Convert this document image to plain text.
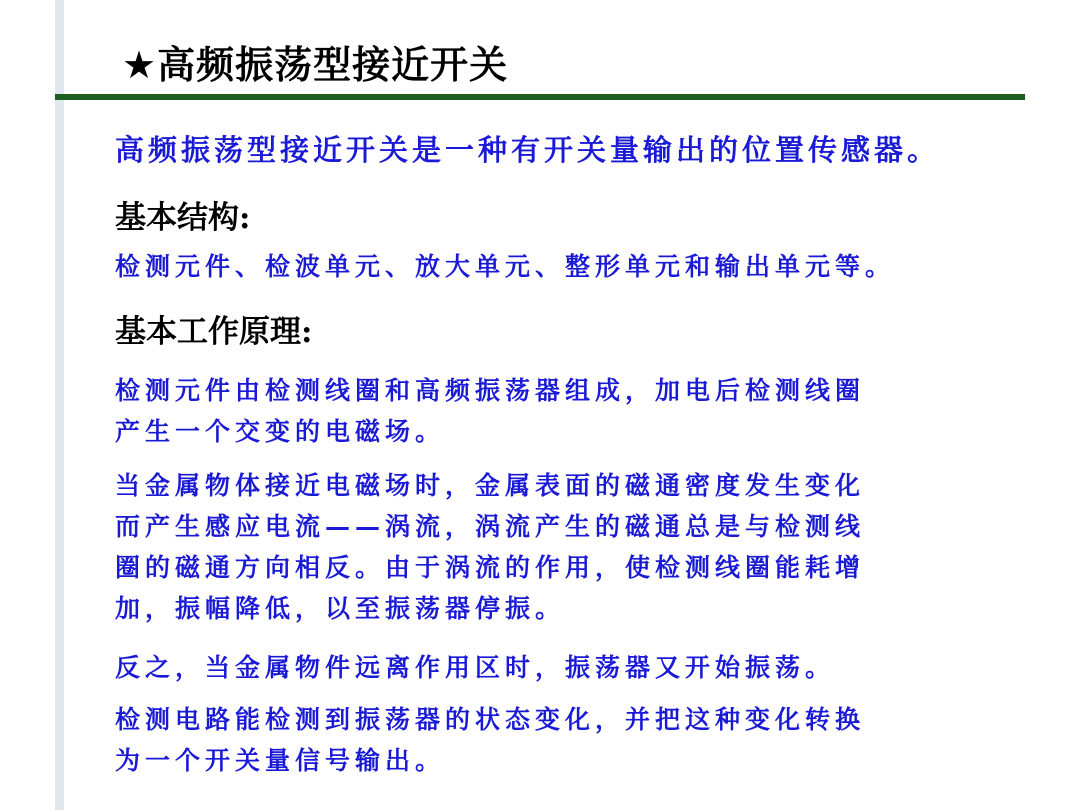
★高频振荡型接近开关
高频振荡型接近开关是一种有开关量输出的位置传感器。
基本结构:
检测元件、检波单元、放大单元、整形单元和输出单元等。
基本工作原理:
检测元件由检测线圈和高频振荡器组成，加电后检测线圈
产生一个交变的电磁场。
当金属物体接近电磁场时，金属表面的磁通密度发生变化
而产生感应电流——涡流，涡流产生的磁通总是与检测线
圈的磁通方向相反。由于涡流的作用，使检测线圈能耗增
加，振幅降低，以至振荡器停振。
反之，当金属物件远离作用区时，振荡器又开始振荡。
检测电路能检测到振荡器的状态变化，并把这种变化转换
为一个开关量信号输出。
